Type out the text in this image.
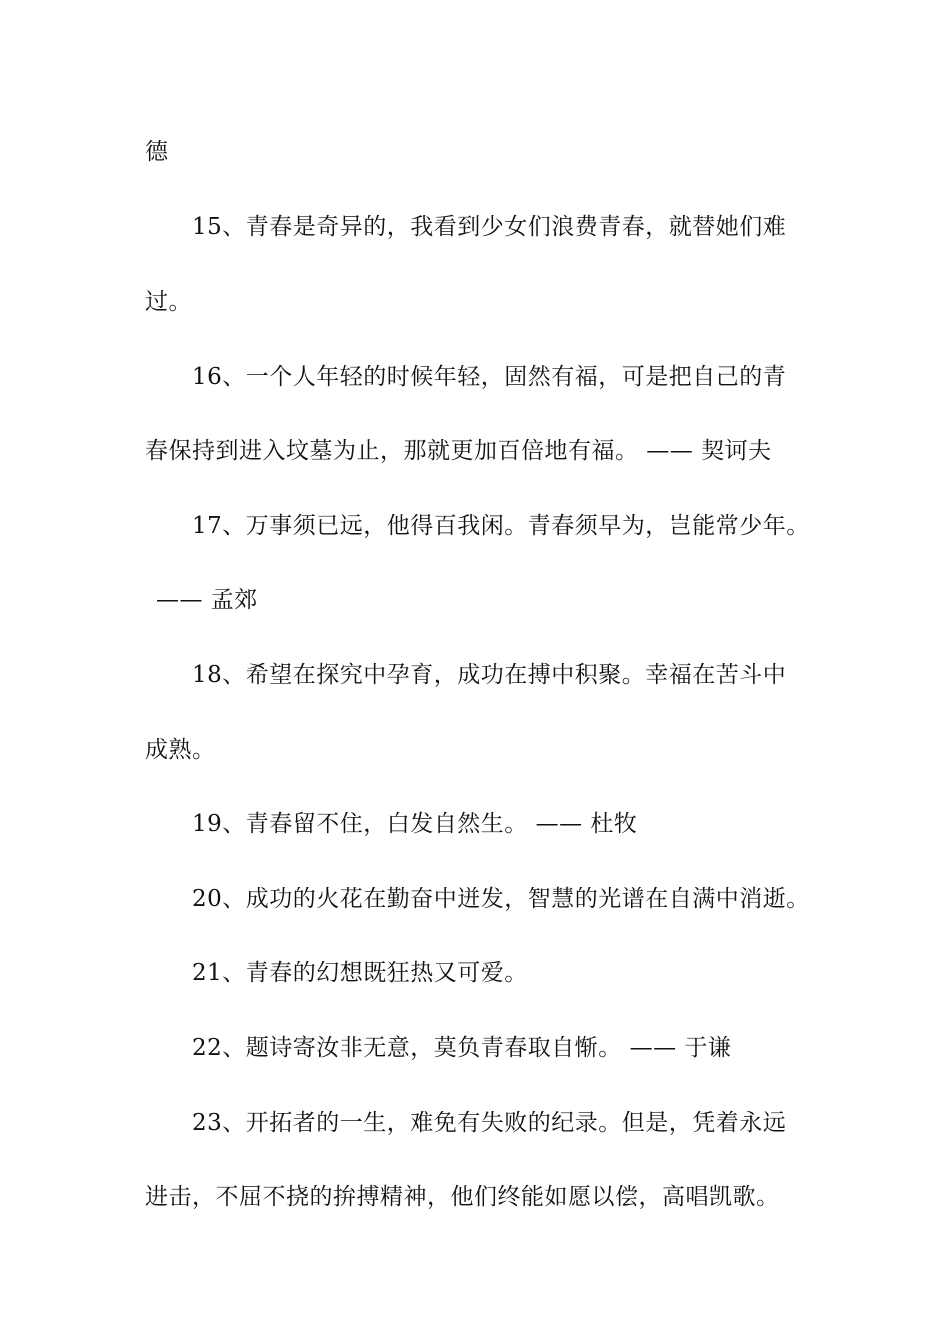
德
15、青春是奇异的，我看到少女们浪费青春，就替她们难
过。
16、一个人年轻的时候年轻，固然有福，可是把自己的青
春保持到进入坟墓为止，那就更加百倍地有福。 —— 契诃夫
17、万事须已远，他得百我闲。青春须早为，岂能常少年。
—— 孟郊
18、希望在探究中孕育，成功在搏中积聚。幸福在苦斗中
成熟。
19、青春留不住，白发自然生。 —— 杜牧
20、成功的火花在勤奋中迸发，智慧的光谱在自满中消逝。
21、青春的幻想既狂热又可爱。
22、题诗寄汝非无意，莫负青春取自惭。 —— 于谦
23、开拓者的一生，难免有失败的纪录。但是，凭着永远
进击，不屈不挠的拚搏精神，他们终能如愿以偿，高唱凯歌。
